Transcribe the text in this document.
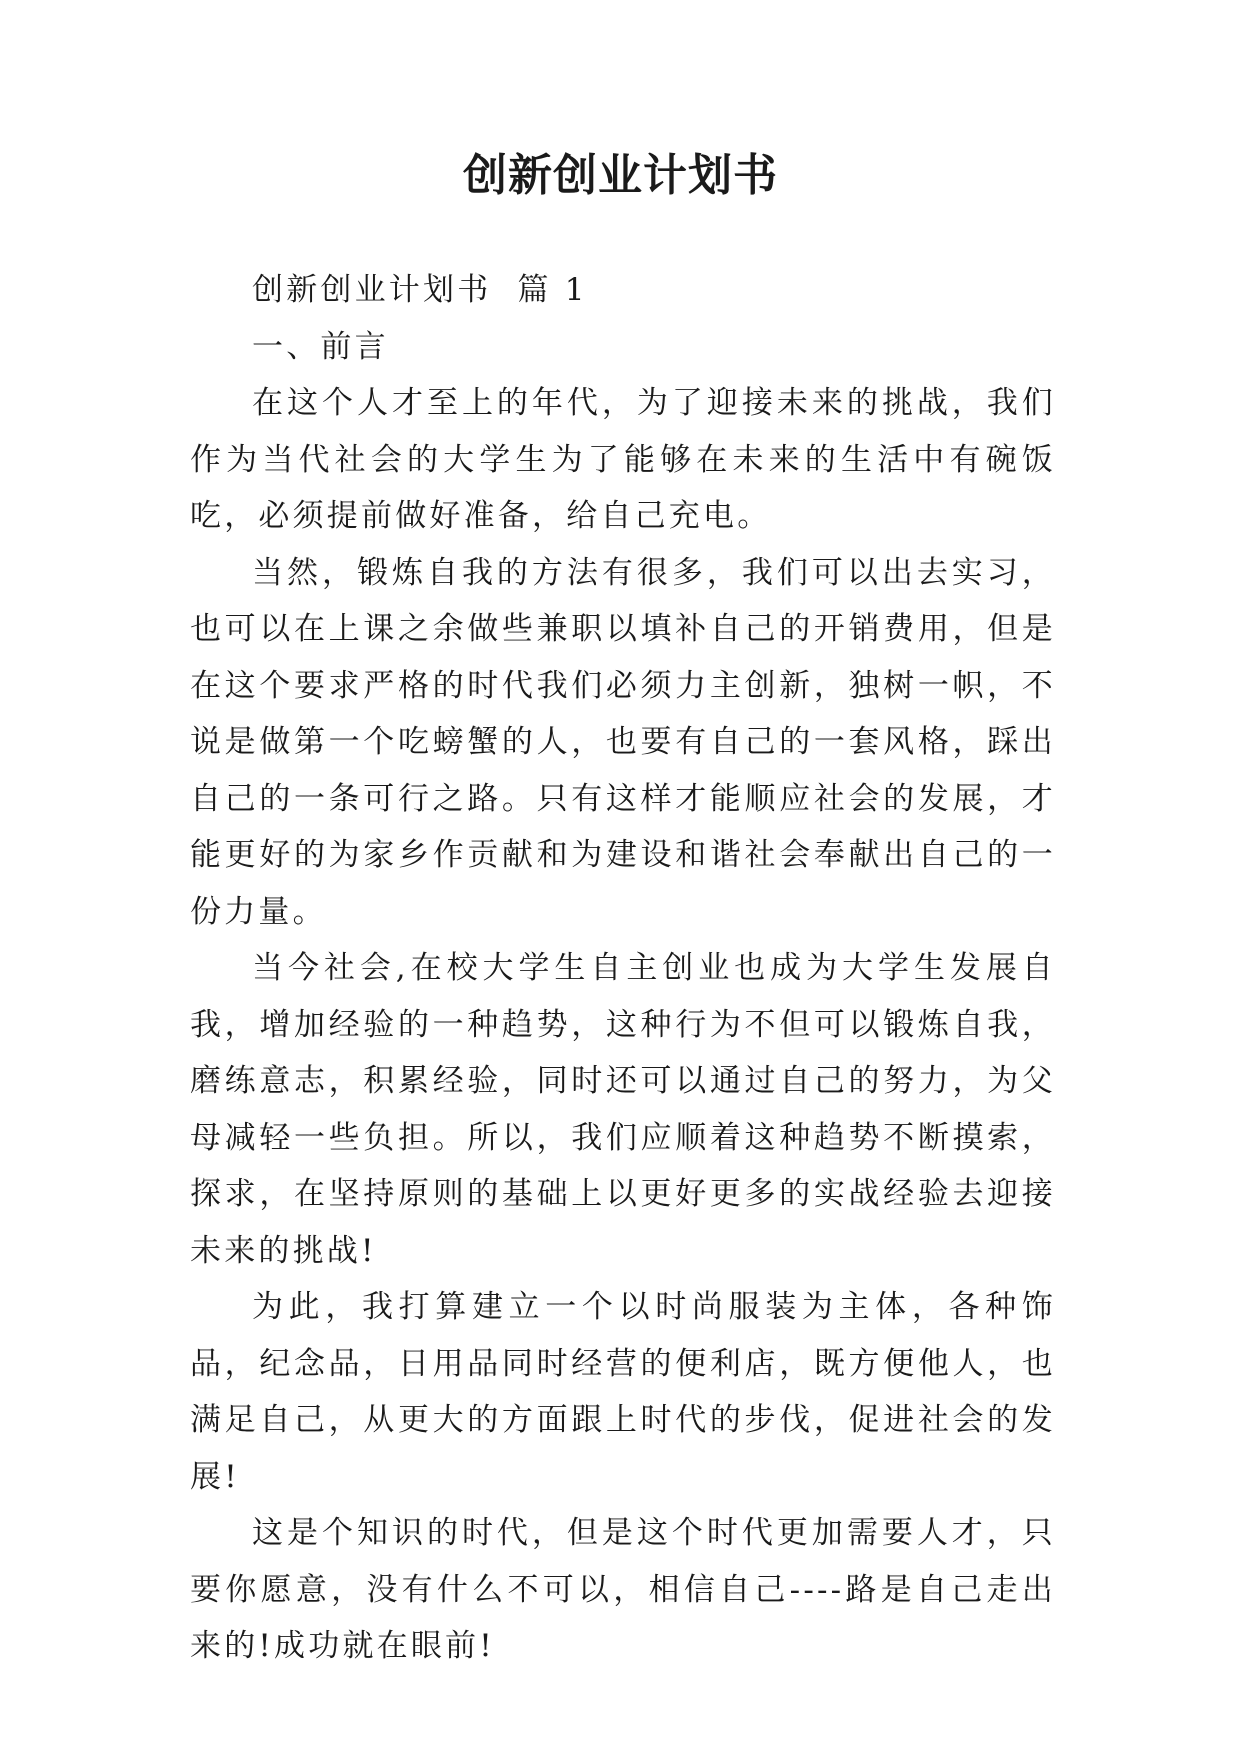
创新创业计划书

创新创业计划书  篇 1

一、前言

在这个人才至上的年代，为了迎接未来的挑战，我们作为当代社会的大学生为了能够在未来的生活中有碗饭吃，必须提前做好准备，给自己充电。

当然，锻炼自我的方法有很多，我们可以出去实习，也可以在上课之余做些兼职以填补自己的开销费用，但是在这个要求严格的时代我们必须力主创新，独树一帜，不说是做第一个吃螃蟹的人，也要有自己的一套风格，踩出自己的一条可行之路。只有这样才能顺应社会的发展，才能更好的为家乡作贡献和为建设和谐社会奉献出自己的一份力量。

当今社会,在校大学生自主创业也成为大学生发展自我，增加经验的一种趋势，这种行为不但可以锻炼自我，磨练意志，积累经验，同时还可以通过自己的努力，为父母减轻一些负担。所以，我们应顺着这种趋势不断摸索，探求，在坚持原则的基础上以更好更多的实战经验去迎接未来的挑战!

为此，我打算建立一个以时尚服装为主体，各种饰品，纪念品，日用品同时经营的便利店，既方便他人，也满足自己，从更大的方面跟上时代的步伐，促进社会的发展!

这是个知识的时代，但是这个时代更加需要人才，只要你愿意，没有什么不可以，相信自己----路是自己走出来的!成功就在眼前!
